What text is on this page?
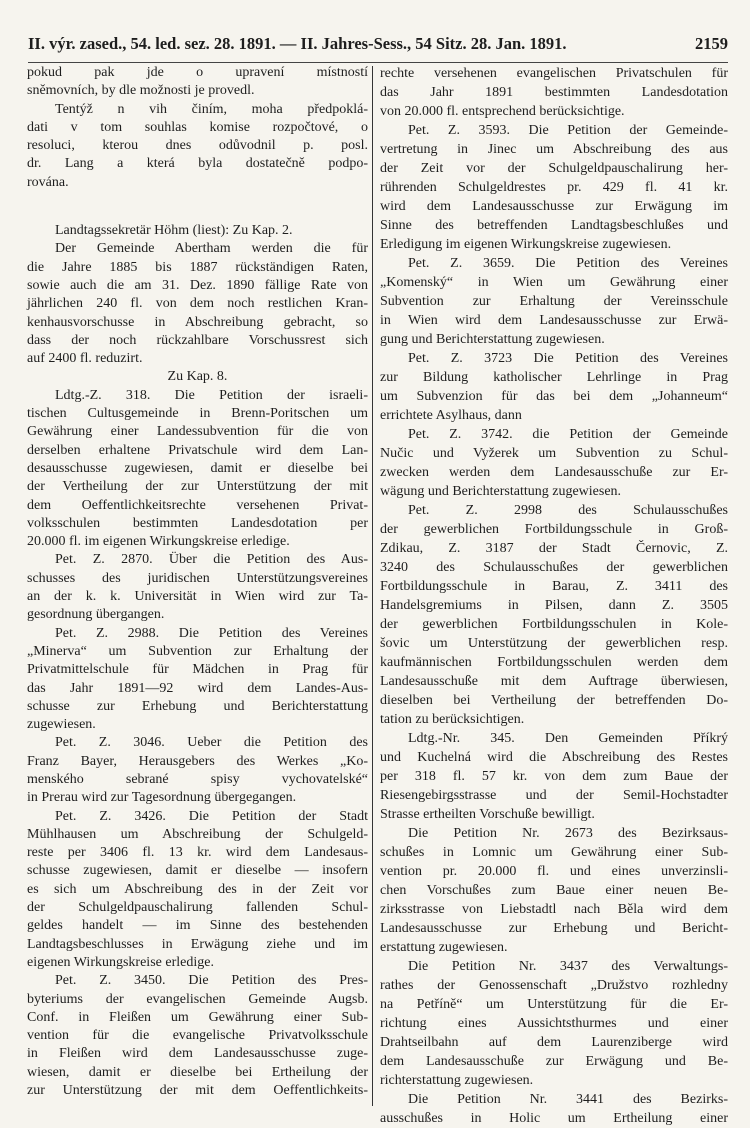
II. výr. zased., 54. led. sez. 28. 1891. — II. Jahres-Sess., 54 Sitz. 28. Jan. 1891.	2159
pokud pak jde o upravení místností
sněmovních, by dle možnosti je provedl.
Tentýž n vih činím, moha předpoklá-
dati v tom souhlas komise rozpočtové, o
resoluci, kterou dnes odůvodnil p. posl.
dr. Lang a která byla dostatečně podpo-
rována.
Landtagssekretär Höhm (liest): Zu Kap. 2.
Der Gemeinde Abertham werden die für
die Jahre 1885 bis 1887 rückständigen Raten,
sowie auch die am 31. Dez. 1890 fällige Rate von
jährlichen 240 fl. von dem noch restlichen Kran-
kenhausvorschusse in Abschreibung gebracht, so
dass der noch rückzahlbare Vorschussrest sich
auf 2400 fl. reduzirt.
Zu Kap. 8.
Ldtg.-Z. 318. Die Petition der israeli-
tischen Cultusgemeinde in Brenn-Poritschen um
Gewährung einer Landessubvention für die von
derselben erhaltene Privatschule wird dem Lan-
desausschusse zugewiesen, damit er dieselbe bei
der Vertheilung der zur Unterstützung der mit
dem Oeffentlichkeitsrechte versehenen Privat-
volksschulen bestimmten Landesdotation per
20.000 fl. im eigenen Wirkungskreise erledige.
Pet. Z. 2870. Über die Petition des Aus-
schusses des juridischen Unterstützungsvereines
an der k. k. Universität in Wien wird zur Ta-
gesordnung übergangen.
Pet. Z. 2988. Die Petition des Vereines
„Minerva“ um Subvention zur Erhaltung der
Privatmittelschule für Mädchen in Prag für
das Jahr 1891—92 wird dem Landes-Aus-
schusse zur Erhebung und Berichterstattung
zugewiesen.
Pet. Z. 3046. Ueber die Petition des
Franz Bayer, Herausgebers des Werkes „Ko-
menského sebrané spisy vychovatelské“
in Prerau wird zur Tagesordnung übergegangen.
Pet. Z. 3426. Die Petition der Stadt
Mühlhausen um Abschreibung der Schulgeld-
reste per 3406 fl. 13 kr. wird dem Landesaus-
schusse zugewiesen, damit er dieselbe — insofern
es sich um Abschreibung des in der Zeit vor
der Schulgeldpauschalirung fallenden Schul-
geldes handelt — im Sinne des bestehenden
Landtagsbeschlusses in Erwägung ziehe und im
eigenen Wirkungskreise erledige.
Pet. Z. 3450. Die Petition des Pres-
byteriums der evangelischen Gemeinde Augsb.
Conf. in Fleißen um Gewährung einer Sub-
vention für die evangelische Privatvolksschule
in Fleißen wird dem Landesausschusse zuge-
wiesen, damit er dieselbe bei Ertheilung der
zur Unterstützung der mit dem Oeffentlichkeits-
rechte versehenen evangelischen Privatschulen für
das Jahr 1891 bestimmten Landesdotation
von 20.000 fl. entsprechend berücksichtige.
Pet. Z. 3593. Die Petition der Gemeinde-
vertretung in Jinec um Abschreibung des aus
der Zeit vor der Schulgeldpauschalirung her-
rührenden Schulgeldrestes pr. 429 fl. 41 kr.
wird dem Landesausschusse zur Erwägung im
Sinne des betreffenden Landtagsbeschlußes und
Erledigung im eigenen Wirkungskreise zugewiesen.
Pet. Z. 3659. Die Petition des Vereines
„Komenský“ in Wien um Gewährung einer
Subvention zur Erhaltung der Vereinsschule
in Wien wird dem Landesausschusse zur Erwä-
gung und Berichterstattung zugewiesen.
Pet. Z. 3723 Die Petition des Vereines
zur Bildung katholischer Lehrlinge in Prag
um Subvenzion für das bei dem „Johanneum“
errichtete Asylhaus, dann
Pet. Z. 3742. die Petition der Gemeinde
Nučic und Vyžerek um Subvention zu Schul-
zwecken werden dem Landesausschuße zur Er-
wägung und Berichterstattung zugewiesen.
Pet. Z. 2998 des Schulausschußes
der gewerblichen Fortbildungsschule in Groß-
Zdikau, Z. 3187 der Stadt Černovic, Z.
3240 des Schulausschußes der gewerblichen
Fortbildungsschule in Barau, Z. 3411 des
Handelsgremiums in Pilsen, dann Z. 3505
der gewerblichen Fortbildungsschulen in Kole-
šovic um Unterstützung der gewerblichen resp.
kaufmännischen Fortbildungsschulen werden dem
Landesausschuße mit dem Auftrage überwiesen,
dieselben bei Vertheilung der betreffenden Do-
tation zu berücksichtigen.
Ldtg.-Nr. 345. Den Gemeinden Příkrý
und Kuchelná wird die Abschreibung des Restes
per 318 fl. 57 kr. von dem zum Baue der
Riesengebirgsstrasse und der Semil-Hochstadter
Strasse ertheilten Vorschuße bewilligt.
Die Petition Nr. 2673 des Bezirksaus-
schußes in Lomnic um Gewährung einer Sub-
vention pr. 20.000 fl. und eines unverzinsli-
chen Vorschußes zum Baue einer neuen Be-
zirksstrasse von Liebstadtl nach Běla wird dem
Landesausschusse zur Erhebung und Bericht-
erstattung zugewiesen.
Die Petition Nr. 3437 des Verwaltungs-
rathes der Genossenschaft „Družstvo rozhledny
na Petříně“ um Unterstützung für die Er-
richtung eines Aussichtsthurmes und einer
Drahtseilbahn auf dem Laurenziberge wird
dem Landesausschuße zur Erwägung und Be-
richterstattung zugewiesen.
Die Petition Nr. 3441 des Bezirks-
ausschußes in Holic um Ertheilung einer
